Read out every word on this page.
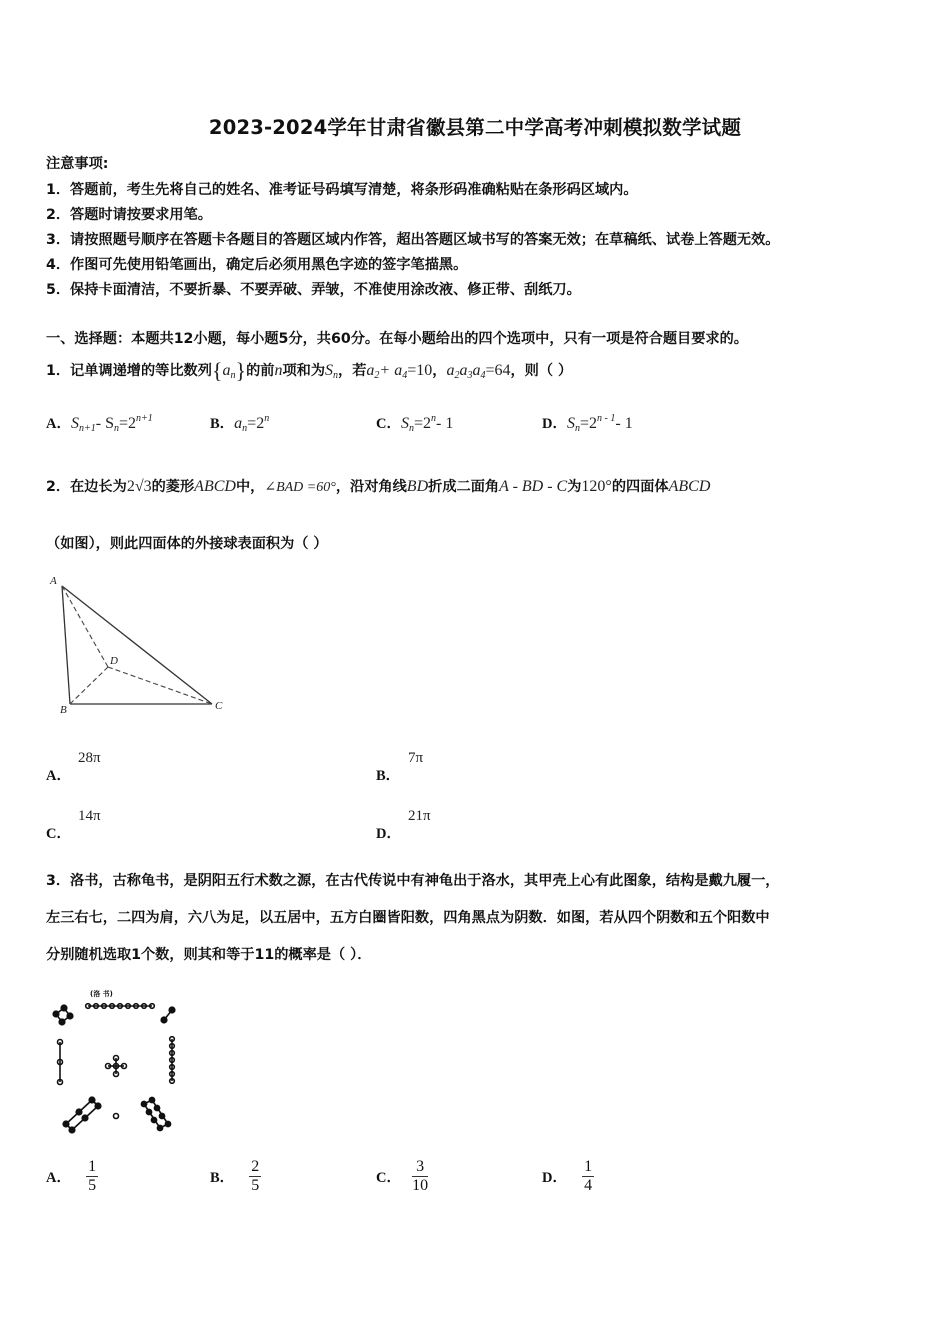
2023-2024学年甘肃省徽县第二中学高考冲刺模拟数学试题
注意事项:
1．答题前，考生先将自己的姓名、准考证号码填写清楚，将条形码准确粘贴在条形码区域内。
2．答题时请按要求用笔。
3．请按照题号顺序在答题卡各题目的答题区域内作答，超出答题区域书写的答案无效；在草稿纸、试卷上答题无效。
4．作图可先使用铅笔画出，确定后必须用黑色字迹的签字笔描黑。
5．保持卡面清洁，不要折暴、不要弄破、弄皱，不准使用涂改液、修正带、刮纸刀。
一、选择题：本题共12小题，每小题5分，共60分。在每小题给出的四个选项中，只有一项是符合题目要求的。
1．记单调递增的等比数列$\{a_n\}$的前n项和为$S_n$，若$a_2+ a_4=10$，$a_2a_3a_4=64$，则（ ）
A．$S_{n+1}-$ $S_n=2^{n+1}$	B．$a_n=2^n$	C．$S_n=2^n-$ 1	D．$S_n=2^{n - 1}-$ 1
2．在边长为2√3的菱形ABCD中，∠BAD =60°，沿对角线BD折成二面角A - BD - C为120°的四面体ABCD
（如图），则此四面体的外接球表面积为（ ）
A
D
B	C
A．
28π
B．
7π
C．
14π
D．
21π
3．洛书，古称龟书，是阴阳五行术数之源，在古代传说中有神龟出于洛水，其甲壳上心有此图象，结构是戴九履一，
左三右七，二四为肩，六八为足，以五居中，五方白圈皆阳数，四角黑点为阴数．如图，若从四个阴数和五个阳数中
分别随机选取1个数，则其和等于11的概率是（ ）．
(洛 书)
A． $\frac{1}{5}$	B． $\frac{2}{5}$	C． $\frac{3}{10}$	D． $\frac{1}{4}$
